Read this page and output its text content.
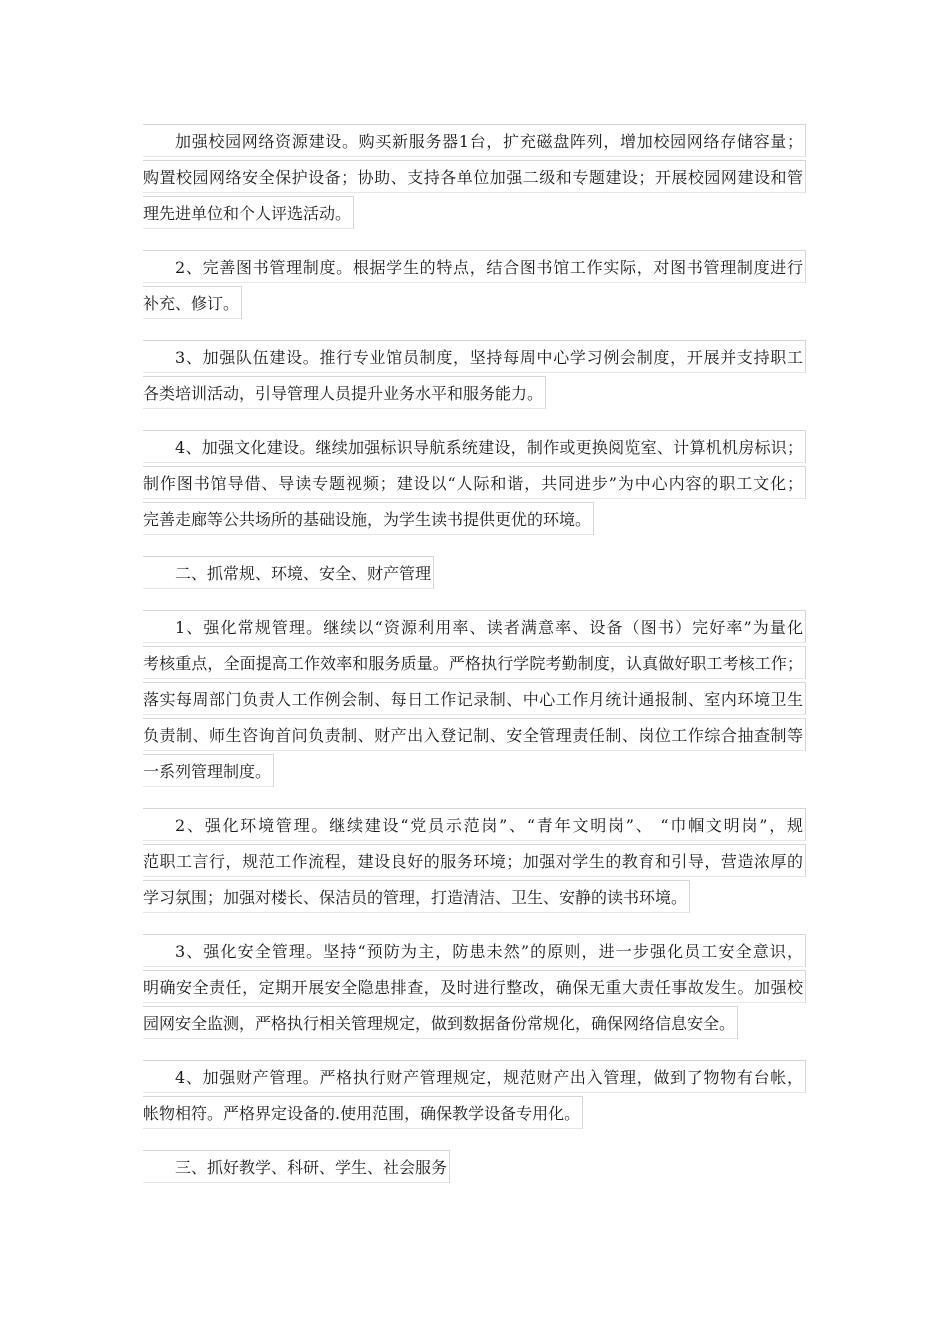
加强校园网络资源建设。购买新服务器1台，扩充磁盘阵列，增加校园网络存储容量；
购置校园网络安全保护设备；协助、支持各单位加强二级和专题建设；开展校园网建设和管
理先进单位和个人评选活动。
2、完善图书管理制度。根据学生的特点，结合图书馆工作实际，对图书管理制度进行
补充、修订。
3、加强队伍建设。推行专业馆员制度，坚持每周中心学习例会制度，开展并支持职工
各类培训活动，引导管理人员提升业务水平和服务能力。
4、加强文化建设。继续加强标识导航系统建设，制作或更换阅览室、计算机机房标识；
制作图书馆导借、导读专题视频；建设以“人际和谐，共同进步”为中心内容的职工文化；
完善走廊等公共场所的基础设施，为学生读书提供更优的环境。
二、抓常规、环境、安全、财产管理
1、强化常规管理。继续以“资源利用率、读者满意率、设备（图书）完好率”为量化
考核重点，全面提高工作效率和服务质量。严格执行学院考勤制度，认真做好职工考核工作；
落实每周部门负责人工作例会制、每日工作记录制、中心工作月统计通报制、室内环境卫生
负责制、师生咨询首问负责制、财产出入登记制、安全管理责任制、岗位工作综合抽查制等
一系列管理制度。
2、强化环境管理。继续建设“党员示范岗”、“青年文明岗”、 “巾帼文明岗”，规
范职工言行，规范工作流程，建设良好的服务环境；加强对学生的教育和引导，营造浓厚的
学习氛围；加强对楼长、保洁员的管理，打造清洁、卫生、安静的读书环境。
3、强化安全管理。坚持“预防为主，防患未然”的原则，进一步强化员工安全意识，
明确安全责任，定期开展安全隐患排查，及时进行整改，确保无重大责任事故发生。加强校
园网安全监测，严格执行相关管理规定，做到数据备份常规化，确保网络信息安全。
4、加强财产管理。严格执行财产管理规定，规范财产出入管理，做到了物物有台帐，
帐物相符。严格界定设备的.使用范围，确保教学设备专用化。
三、抓好教学、科研、学生、社会服务
